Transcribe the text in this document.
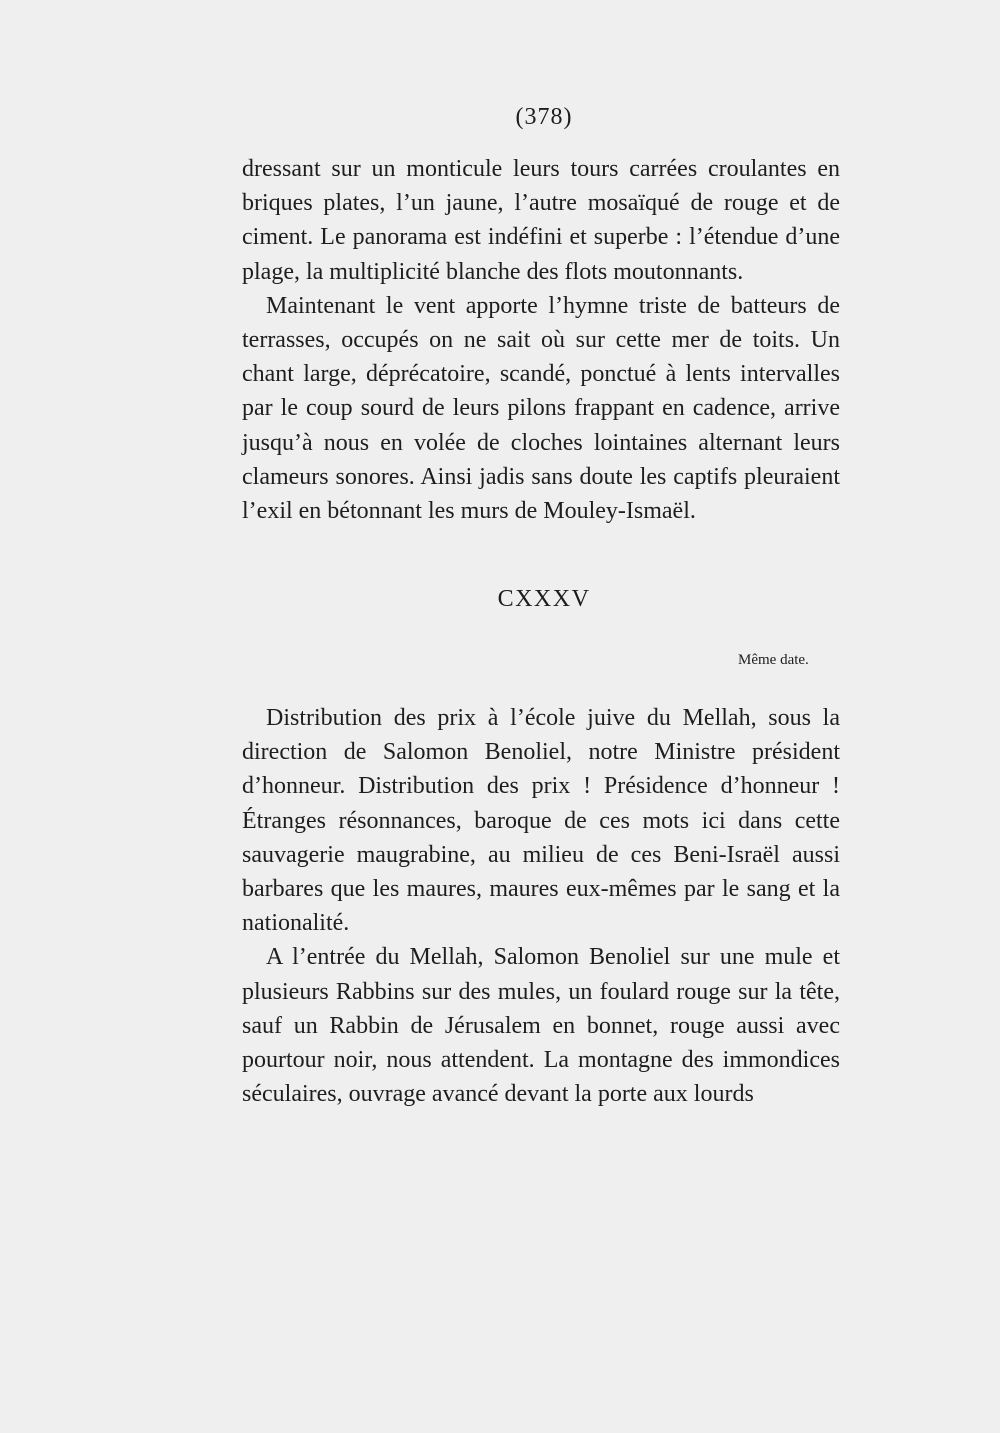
(378)

dressant sur un monticule leurs tours carrées croulantes en briques plates, l’un jaune, l’autre mosaïqué de rouge et de ciment. Le panorama est indéfini et superbe : l’étendue d’une plage, la multiplicité blanche des flots moutonnants.

Maintenant le vent apporte l’hymne triste de batteurs de terrasses, occupés on ne sait où sur cette mer de toits. Un chant large, déprécatoire, scandé, ponctué à lents intervalles par le coup sourd de leurs pilons frappant en cadence, arrive jusqu’à nous en volée de cloches lointaines alternant leurs clameurs sonores. Ainsi jadis sans doute les captifs pleuraient l’exil en bétonnant les murs de Mouley-Ismaël.

CXXXV
Même date.

Distribution des prix à l’école juive du Mellah, sous la direction de Salomon Benoliel, notre Ministre président d’honneur. Distribution des prix ! Présidence d’honneur ! Étranges résonnances, baroque de ces mots ici dans cette sauvagerie maugrabine, au milieu de ces Beni-Israël aussi barbares que les maures, maures eux-mêmes par le sang et la nationalité.

A l’entrée du Mellah, Salomon Benoliel sur une mule et plusieurs Rabbins sur des mules, un foulard rouge sur la tête, sauf un Rabbin de Jérusalem en bonnet, rouge aussi avec pourtour noir, nous attendent. La montagne des immondices séculaires, ouvrage avancé devant la porte aux lourds
